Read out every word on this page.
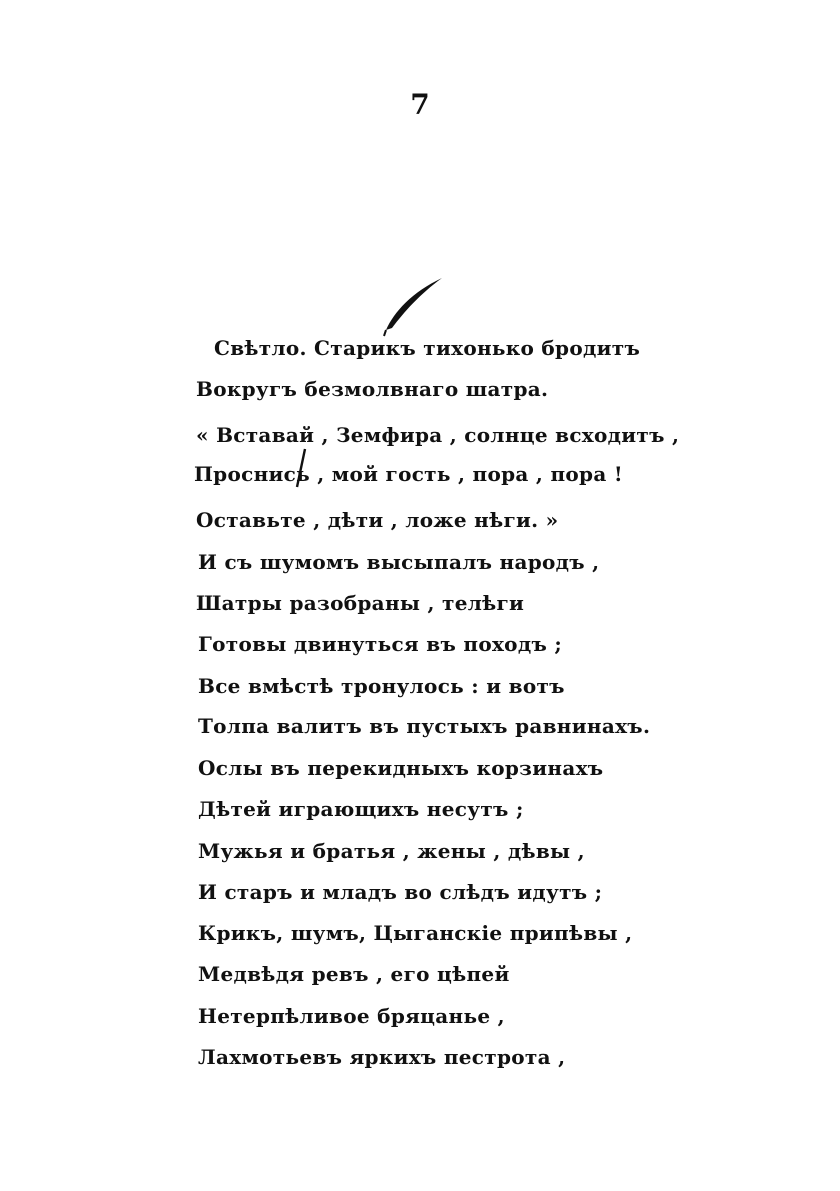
7
Свѣтло. Старикъ тихонько бродитъ
Вокругъ безмолвнаго шатра.
« Вставай , Земфира , солнце всходитъ ,
Проснись , мой гость , пора , пора !
Оставьте , дѣти , ложе нѣги. »
И съ шумомъ высыпалъ народъ ,
Шатры разобраны , телѣги
Готовы двинуться въ походъ ;
Все вмѣстѣ тронулось : и вотъ
Толпа валитъ въ пустыхъ равнинахъ.
Ослы въ перекидныхъ корзинахъ
Дѣтей играющихъ несутъ ;
Мужья и братья , жены , дѣвы ,
И старъ и младъ во слѣдъ идутъ ;
Крикъ, шумъ, Цыганскіе припѣвы ,
Медвѣдя ревъ , его цѣпей
Нетерпѣливое бряцанье ,
Лахмотьевъ яркихъ пестрота ,
